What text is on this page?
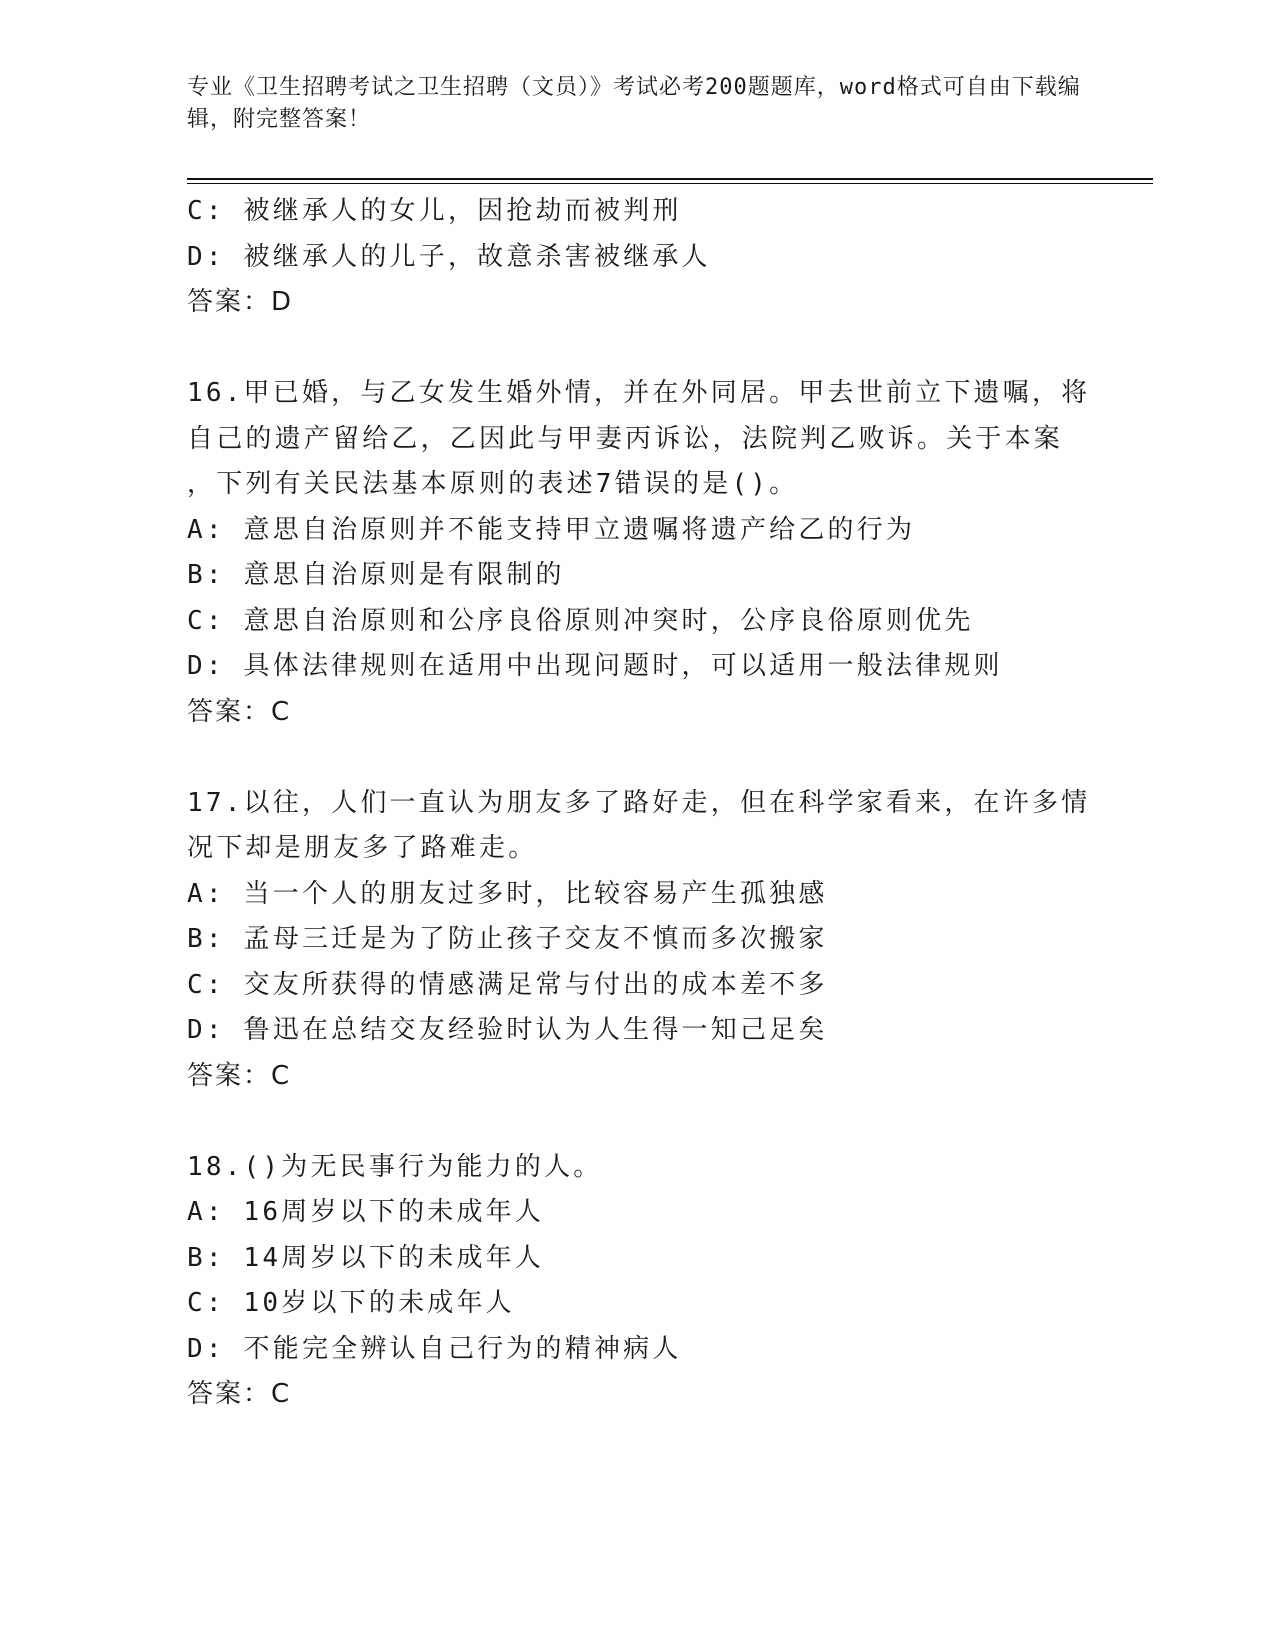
专业《卫生招聘考试之卫生招聘（文员）》考试必考200题题库，word格式可自由下载编辑，附完整答案！
C: 被继承人的女儿，因抢劫而被判刑
D: 被继承人的儿子，故意杀害被继承人
答案：D
16.甲已婚，与乙女发生婚外情，并在外同居。甲去世前立下遗嘱，将
自己的遗产留给乙，乙因此与甲妻丙诉讼，法院判乙败诉。关于本案
，下列有关民法基本原则的表述7错误的是()。
A: 意思自治原则并不能支持甲立遗嘱将遗产给乙的行为
B: 意思自治原则是有限制的
C: 意思自治原则和公序良俗原则冲突时，公序良俗原则优先
D: 具体法律规则在适用中出现问题时，可以适用一般法律规则
答案：C
17.以往，人们一直认为朋友多了路好走，但在科学家看来，在许多情
况下却是朋友多了路难走。
A: 当一个人的朋友过多时，比较容易产生孤独感
B: 孟母三迁是为了防止孩子交友不慎而多次搬家
C: 交友所获得的情感满足常与付出的成本差不多
D: 鲁迅在总结交友经验时认为人生得一知己足矣
答案：C
18.()为无民事行为能力的人。
A: 16周岁以下的未成年人
B: 14周岁以下的未成年人
C: 10岁以下的未成年人
D: 不能完全辨认自己行为的精神病人
答案：C
